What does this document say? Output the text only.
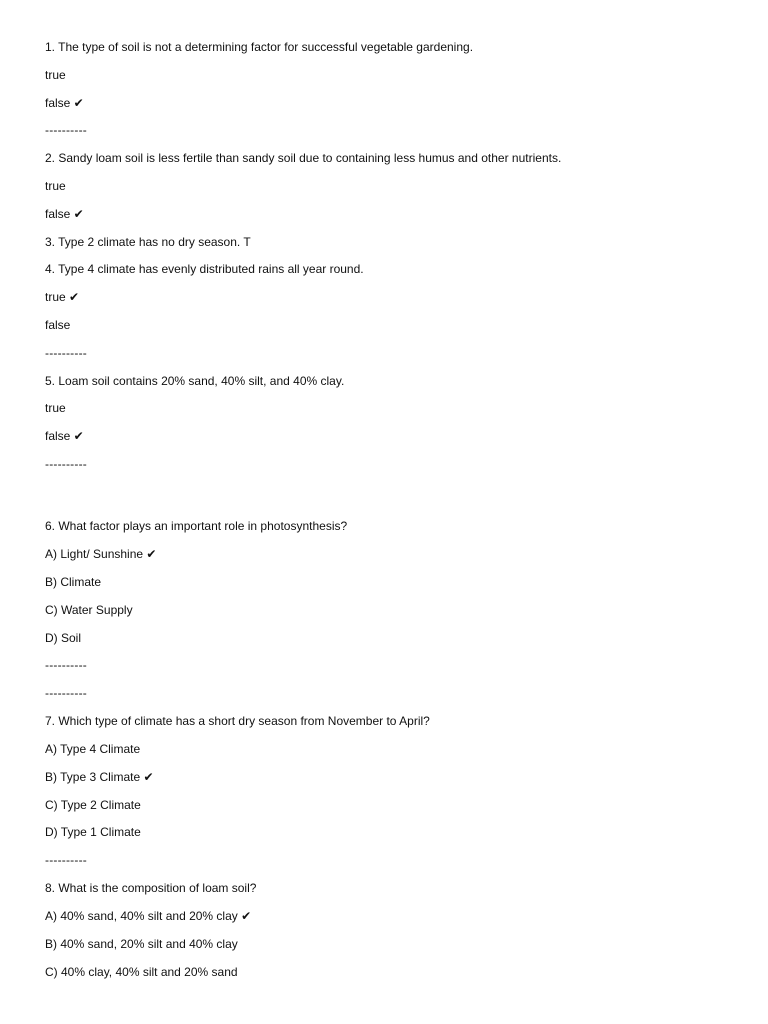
1. The type of soil is not a determining factor for successful vegetable gardening.
true
false ✔
----------
2. Sandy loam soil is less fertile than sandy soil due to containing less humus and other nutrients.
true
false ✔
3. Type 2 climate has no dry season. T
4. Type 4 climate has evenly distributed rains all year round.
true ✔
false
----------
5. Loam soil contains 20% sand, 40% silt, and 40% clay.
true
false ✔
----------
6. What factor plays an important role in photosynthesis?
A) Light/ Sunshine ✔
B) Climate
C) Water Supply
D) Soil
----------
----------
7. Which type of climate has a short dry season from November to April?
A) Type 4 Climate
B) Type 3 Climate ✔
C) Type 2 Climate
D) Type 1 Climate
----------
8. What is the composition of loam soil?
A) 40% sand, 40% silt and 20% clay ✔
B) 40% sand, 20% silt and 40% clay
C) 40% clay, 40% silt and 20% sand
